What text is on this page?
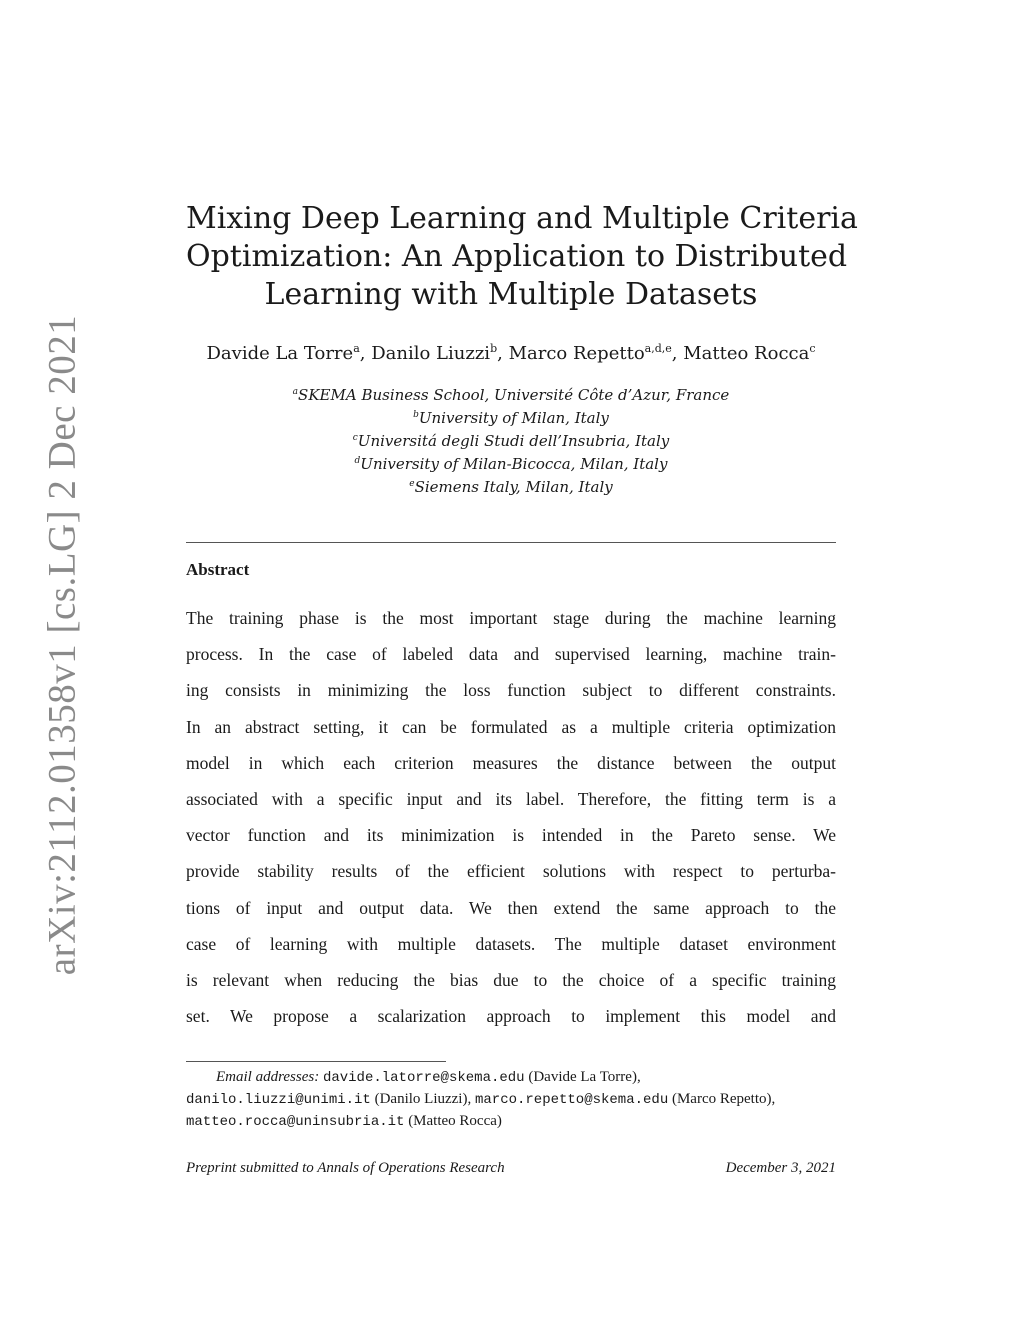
arXiv:2112.01358v1 [cs.LG] 2 Dec 2021
Mixing Deep Learning and Multiple Criteria
Optimization: An Application to Distributed
Learning with Multiple Datasets
Davide La Torre$^a$, Danilo Liuzzi$^b$, Marco Repetto$^{a,d,e}$, Matteo Rocca$^c$
$^a$SKEMA Business School, Université Côte d’Azur, France
$^b$University of Milan, Italy
$^c$Universitá degli Studi dell’Insubria, Italy
$^d$University of Milan-Bicocca, Milan, Italy
$^e$Siemens Italy, Milan, Italy
Abstract
The training phase is the most important stage during the machine learning
process. In the case of labeled data and supervised learning, machine train-
ing consists in minimizing the loss function subject to different constraints.
In an abstract setting, it can be formulated as a multiple criteria optimization
model in which each criterion measures the distance between the output
associated with a specific input and its label. Therefore, the fitting term is a
vector function and its minimization is intended in the Pareto sense. We
provide stability results of the efficient solutions with respect to perturba-
tions of input and output data. We then extend the same approach to the
case of learning with multiple datasets. The multiple dataset environment
is relevant when reducing the bias due to the choice of a specific training
set. We propose a scalarization approach to implement this model and
Email addresses: davide.latorre@skema.edu (Davide La Torre),
danilo.liuzzi@unimi.it (Danilo Liuzzi), marco.repetto@skema.edu (Marco Repetto),
matteo.rocca@uninsubria.it (Matteo Rocca)
Preprint submitted to Annals of Operations Research	December 3, 2021
